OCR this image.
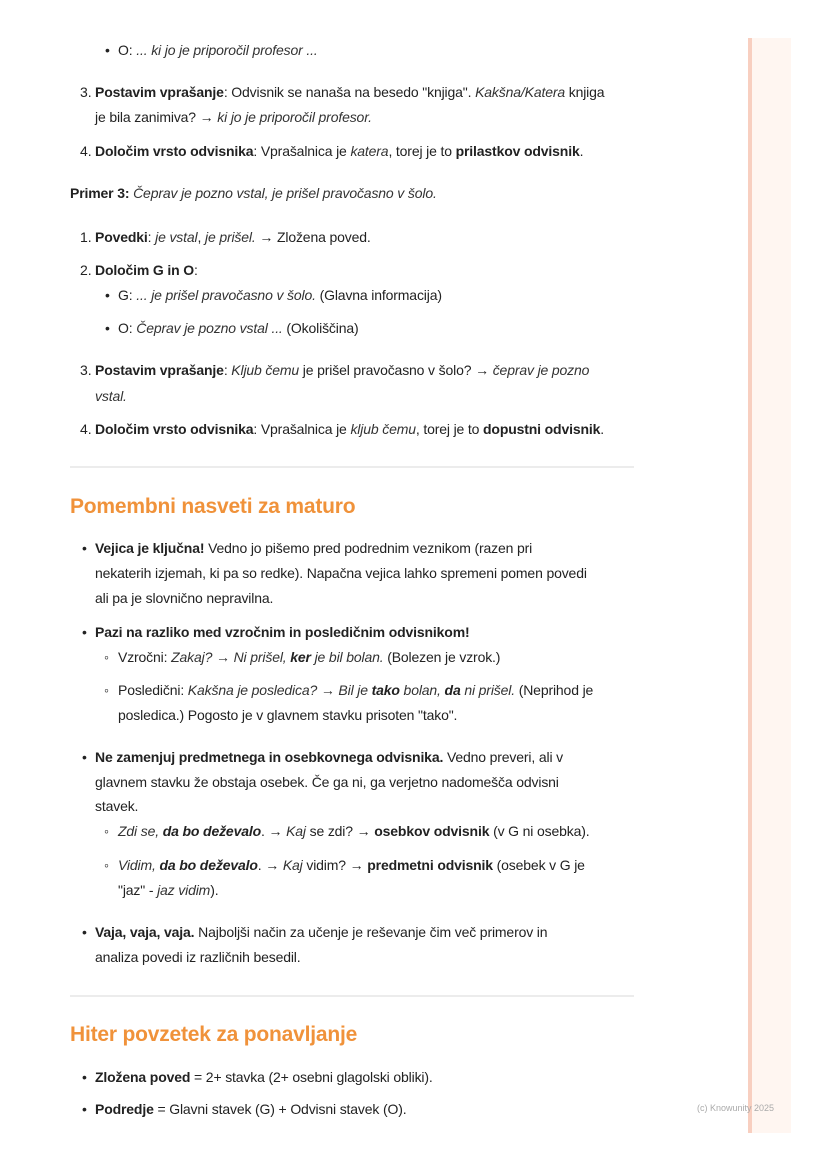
• O: ... ki jo je priporočil profesor ...
3. Postavim vprašanje: Odvisnik se nanaša na besedo "knjiga". Kakšna/Katera knjiga
je bila zanimiva? → ki jo je priporočil profesor.
4. Določim vrsto odvisnika: Vprašalnica je katera, torej je to prilastkov odvisnik.
Primer 3: Čeprav je pozno vstal, je prišel pravočasno v šolo.
1. Povedki: je vstal, je prišel. → Zložena poved.
2. Določim G in O:
• G: ... je prišel pravočasno v šolo. (Glavna informacija)
• O: Čeprav je pozno vstal ... (Okoliščina)
3. Postavim vprašanje: Kljub čemu je prišel pravočasno v šolo? → čeprav je pozno
vstal.
4. Določim vrsto odvisnika: Vprašalnica je kljub čemu, torej je to dopustni odvisnik.
• Vejica je ključna! Vedno jo pišemo pred podrednim veznikom (razen pri
nekaterih izjemah, ki pa so redke). Napačna vejica lahko spremeni pomen povedi
ali pa je slovnično nepravilna.
• Pazi na razliko med vzročnim in posledičnim odvisnikom!
◦ Vzročni: Zakaj? → Ni prišel, ker je bil bolan. (Bolezen je vzrok.)
◦ Posledični: Kakšna je posledica? → Bil je tako bolan, da ni prišel. (Neprihod je
posledica.) Pogosto je v glavnem stavku prisoten "tako".
• Ne zamenjuj predmetnega in osebkovnega odvisnika. Vedno preveri, ali v
glavnem stavku že obstaja osebek. Če ga ni, ga verjetno nadomešča odvisni
stavek.
◦ Zdi se, da bo deževalo. → Kaj se zdi? → osebkov odvisnik (v G ni osebka).
◦ Vidim, da bo deževalo. → Kaj vidim? → predmetni odvisnik (osebek v G je
"jaz" - jaz vidim).
• Vaja, vaja, vaja. Najboljši način za učenje je reševanje čim več primerov in
analiza povedi iz različnih besedil.
• Zložena poved = 2+ stavka (2+ osebni glagolski obliki).
• Podredje = Glavni stavek (G) + Odvisni stavek (O).
Pomembni nasveti za maturo
Hiter povzetek za ponavljanje
(c) Knowunity 2025
